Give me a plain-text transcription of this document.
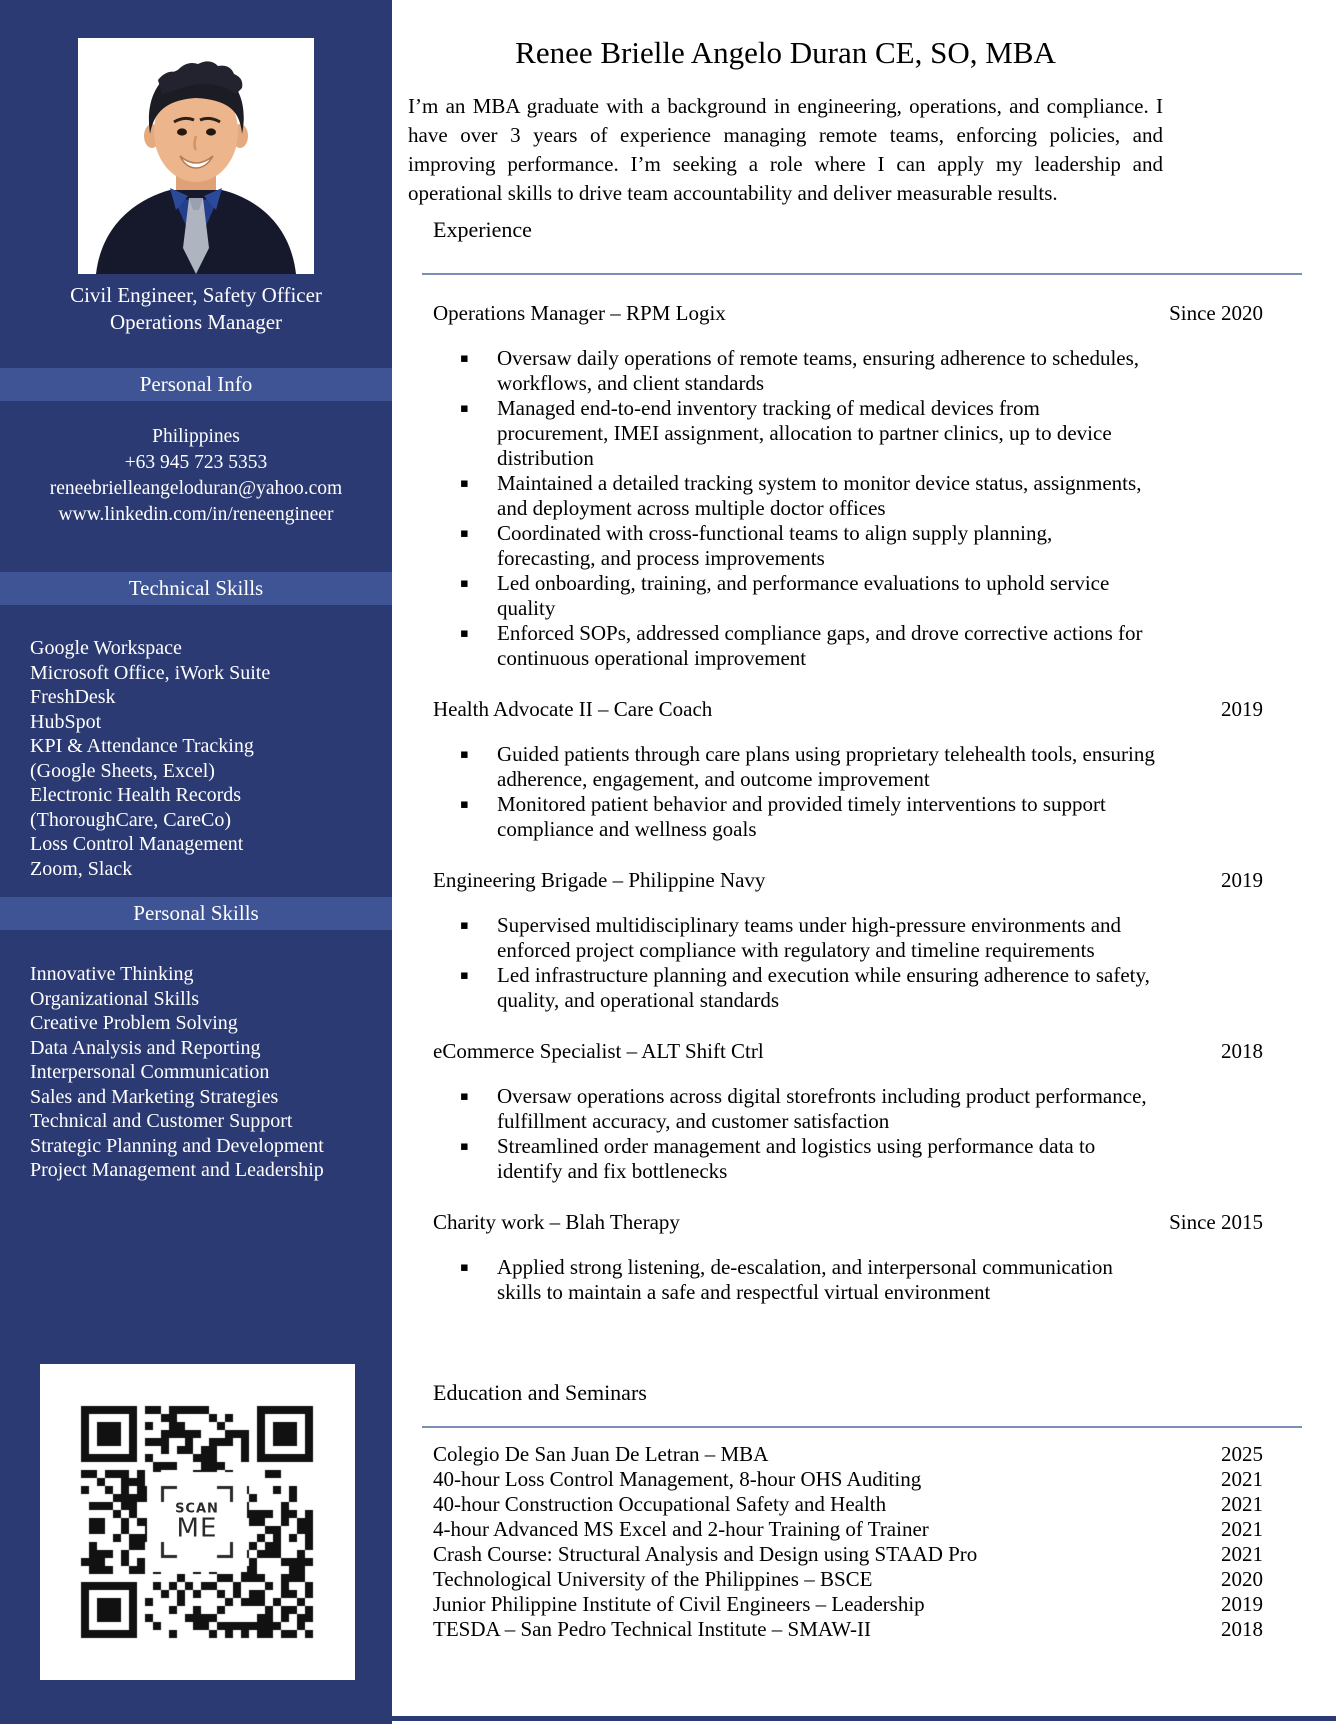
Civil Engineer, Safety Officer
Operations Manager
Personal Info
Philippines
+63 945 723 5353
reneebrielleangeloduran@yahoo.com
www.linkedin.com/in/reneengineer
Technical Skills
Google Workspace
Microsoft Office, iWork Suite
FreshDesk
HubSpot
KPI & Attendance Tracking
(Google Sheets, Excel)
Electronic Health Records
(ThoroughCare, CareCo)
Loss Control Management
Zoom, Slack
Personal Skills
Innovative Thinking
Organizational Skills
Creative Problem Solving
Data Analysis and Reporting
Interpersonal Communication
Sales and Marketing Strategies
Technical and Customer Support
Strategic Planning and Development
Project Management and Leadership
SCAN
ME
Renee Brielle Angelo Duran CE, SO, MBA

I’m an MBA graduate with a background in engineering, operations, and compliance. I have over 3 years of experience managing remote teams, enforcing policies, and improving performance. I’m seeking a role where I can apply my leadership and operational skills to drive team accountability and deliver measurable results.

Experience
Operations Manager – RPM Logix	Since 2020
▪ Oversaw daily operations of remote teams, ensuring adherence to schedules, workflows, and client standards
▪ Managed end-to-end inventory tracking of medical devices from procurement, IMEI assignment, allocation to partner clinics, up to device distribution
▪ Maintained a detailed tracking system to monitor device status, assignments, and deployment across multiple doctor offices
▪ Coordinated with cross-functional teams to align supply planning, forecasting, and process improvements
▪ Led onboarding, training, and performance evaluations to uphold service quality
▪ Enforced SOPs, addressed compliance gaps, and drove corrective actions for continuous operational improvement
Health Advocate II – Care Coach	2019
▪ Guided patients through care plans using proprietary telehealth tools, ensuring adherence, engagement, and outcome improvement
▪ Monitored patient behavior and provided timely interventions to support compliance and wellness goals
Engineering Brigade – Philippine Navy	2019
▪ Supervised multidisciplinary teams under high-pressure environments and enforced project compliance with regulatory and timeline requirements
▪ Led infrastructure planning and execution while ensuring adherence to safety, quality, and operational standards
eCommerce Specialist – ALT Shift Ctrl	2018
▪ Oversaw operations across digital storefronts including product performance, fulfillment accuracy, and customer satisfaction
▪ Streamlined order management and logistics using performance data to identify and fix bottlenecks
Charity work – Blah Therapy	Since 2015
▪ Applied strong listening, de-escalation, and interpersonal communication skills to maintain a safe and respectful virtual environment
Education and Seminars
Colegio De San Juan De Letran – MBA	2025
40-hour Loss Control Management, 8-hour OHS Auditing	2021
40-hour Construction Occupational Safety and Health	2021
4-hour Advanced MS Excel and 2-hour Training of Trainer	2021
Crash Course: Structural Analysis and Design using STAAD Pro	2021
Technological University of the Philippines – BSCE	2020
Junior Philippine Institute of Civil Engineers – Leadership	2019
TESDA – San Pedro Technical Institute – SMAW-II	2018
